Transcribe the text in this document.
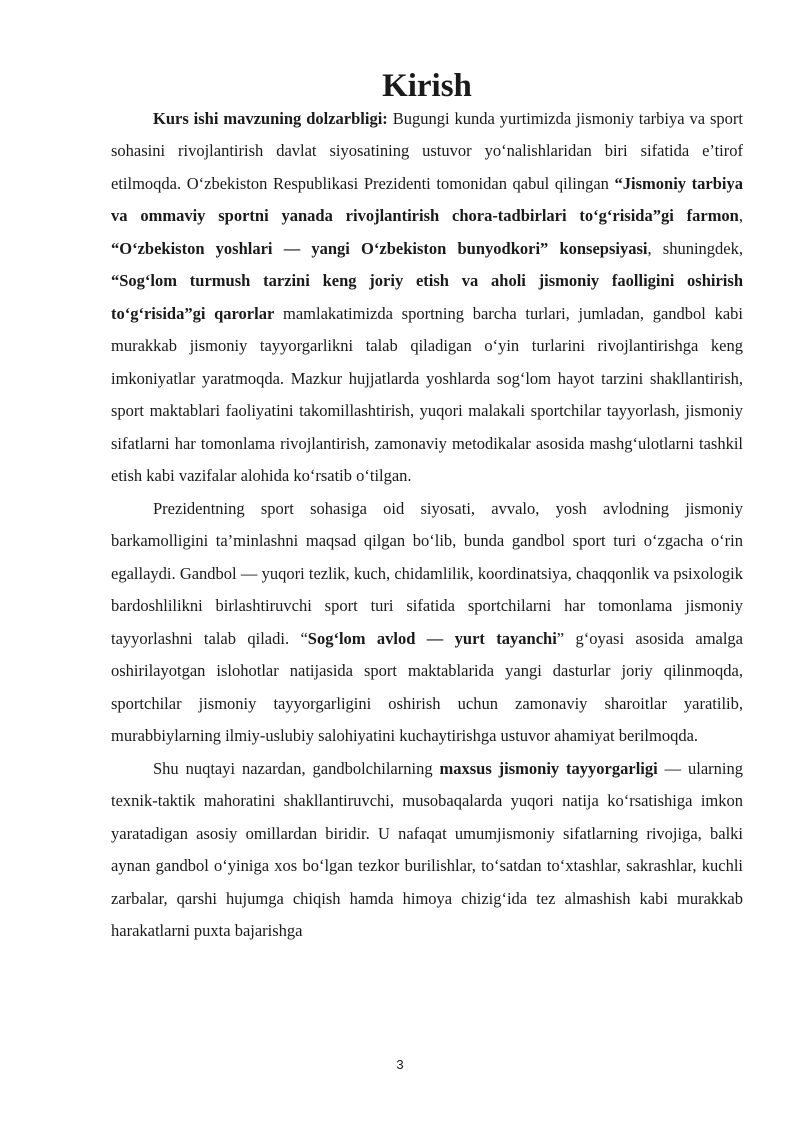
Kirish

Kurs ishi mavzuning dolzarbligi: Bugungi kunda yurtimizda jismoniy tarbiya va sport sohasini rivojlantirish davlat siyosatining ustuvor yo‘nalishlaridan biri sifatida e’tirof etilmoqda. O‘zbekiston Respublikasi Prezidenti tomonidan qabul qilingan “Jismoniy tarbiya va ommaviy sportni yanada rivojlantirish chora-tadbirlari to‘g‘risida”gi farmon, “O‘zbekiston yoshlari — yangi O‘zbekiston bunyodkori” konsepsiyasi, shuningdek, “Sog‘lom turmush tarzini keng joriy etish va aholi jismoniy faolligini oshirish to‘g‘risida”gi qarorlar mamlakatimizda sportning barcha turlari, jumladan, gandbol kabi murakkab jismoniy tayyorgarlikni talab qiladigan o‘yin turlarini rivojlantirishga keng imkoniyatlar yaratmoqda. Mazkur hujjatlarda yoshlarda sog‘lom hayot tarzini shakllantirish, sport maktablari faoliyatini takomillashtirish, yuqori malakali sportchilar tayyorlash, jismoniy sifatlarni har tomonlama rivojlantirish, zamonaviy metodikalar asosida mashg‘ulotlarni tashkil etish kabi vazifalar alohida ko‘rsatib o‘tilgan.

Prezidentning sport sohasiga oid siyosati, avvalo, yosh avlodning jismoniy barkamolligini ta’minlashni maqsad qilgan bo‘lib, bunda gandbol sport turi o‘zgacha o‘rin egallaydi. Gandbol — yuqori tezlik, kuch, chidamlilik, koordinatsiya, chaqqonlik va psixologik bardoshlilikni birlashtiruvchi sport turi sifatida sportchilarni har tomonlama jismoniy tayyorlashni talab qiladi. “Sog‘lom avlod — yurt tayanchi” g‘oyasi asosida amalga oshirilayotgan islohotlar natijasida sport maktablarida yangi dasturlar joriy qilinmoqda, sportchilar jismoniy tayyorgarligini oshirish uchun zamonaviy sharoitlar yaratilib, murabbiylarning ilmiy-uslubiy salohiyatini kuchaytirishga ustuvor ahamiyat berilmoqda.

Shu nuqtayi nazardan, gandbolchilarning maxsus jismoniy tayyorgarligi — ularning texnik-taktik mahoratini shakllantiruvchi, musobaqalarda yuqori natija ko‘rsatishiga imkon yaratadigan asosiy omillardan biridir. U nafaqat umumjismoniy sifatlarning rivojiga, balki aynan gandbol o‘yiniga xos bo‘lgan tezkor burilishlar, to‘satdan to‘xtashlar, sakrashlar, kuchli zarbalar, qarshi hujumga chiqish hamda himoya chizig‘ida tez almashish kabi murakkab harakatlarni puxta bajarishga

3
